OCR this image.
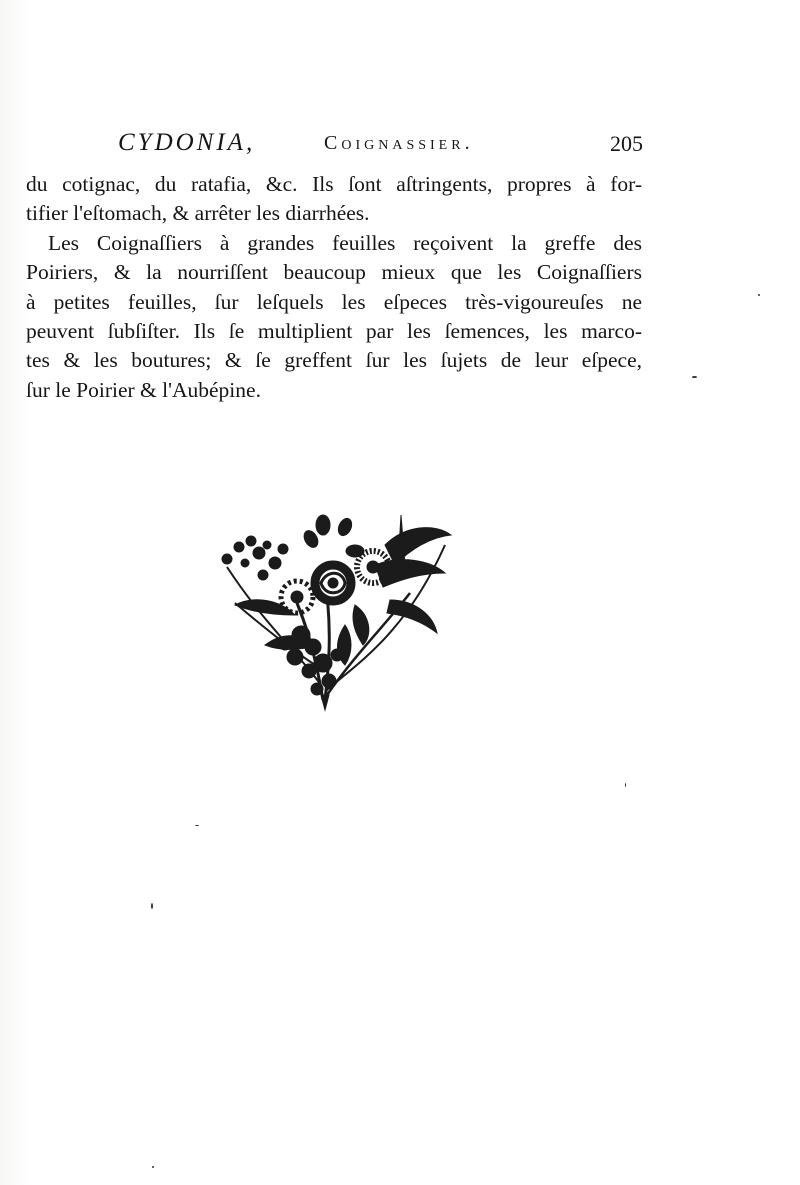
CYDONIA,	Coignassier.	205
du cotignac, du ratafia, &c. Ils ſont aſtringents, propres à for-
tifier l'eſtomach, & arrêter les diarrhées.
Les Coignaſſiers à grandes feuilles reçoivent la greffe des
Poiriers, & la nourriſſent beaucoup mieux que les Coignaſſiers
à petites feuilles, ſur leſquels les eſpeces très-vigoureuſes ne
peuvent ſubſiſter. Ils ſe multiplient par les ſemences, les marco-
tes & les boutures; & ſe greffent ſur les ſujets de leur eſpece,
ſur le Poirier & l'Aubépine.
